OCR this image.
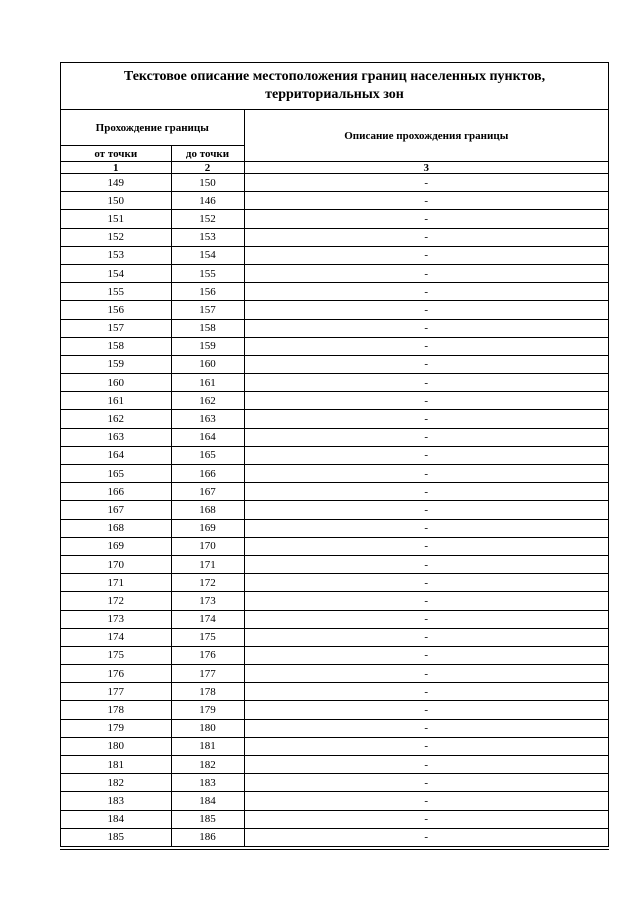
Текстовое описание местоположения границ населенных пунктов, территориальных зон
Прохождение границы		Описание прохождения границы
от точки	до точки	
1	2	3
149	150	-
150	146	-
151	152	-
152	153	-
153	154	-
154	155	-
155	156	-
156	157	-
157	158	-
158	159	-
159	160	-
160	161	-
161	162	-
162	163	-
163	164	-
164	165	-
165	166	-
166	167	-
167	168	-
168	169	-
169	170	-
170	171	-
171	172	-
172	173	-
173	174	-
174	175	-
175	176	-
176	177	-
177	178	-
178	179	-
179	180	-
180	181	-
181	182	-
182	183	-
183	184	-
184	185	-
185	186	-
